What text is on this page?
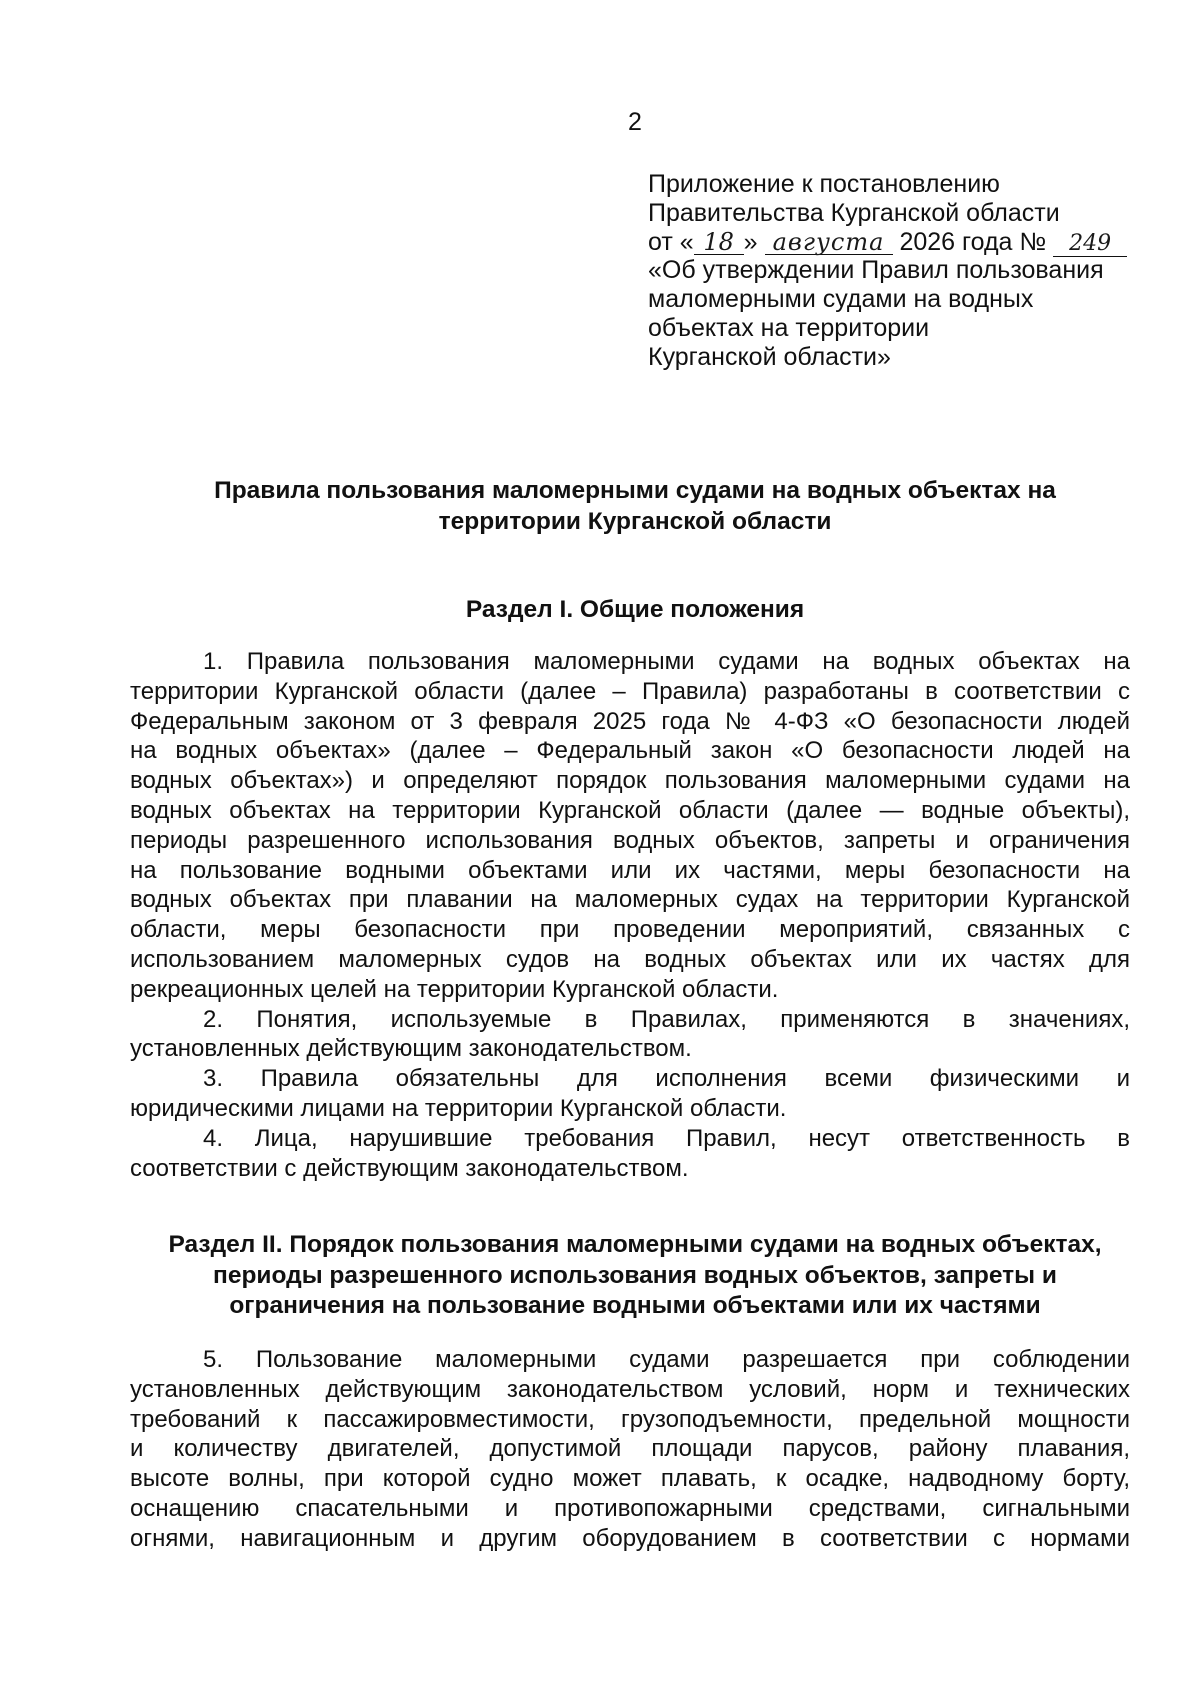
2
Приложение к постановлению
Правительства Курганской области
от « 18 » августа 2026 года № 249
«Об утверждении Правил пользования
маломерными судами на водных
объектах на территории
Курганской области»
Правила пользования маломерными судами на водных объектах на
территории Курганской области
Раздел I. Общие положения
1. Правила пользования маломерными судами на водных объектах на
территории Курганской области (далее – Правила) разработаны в соответствии с
Федеральным законом от 3 февраля 2025 года № 4-ФЗ «О безопасности людей
на водных объектах» (далее – Федеральный закон «О безопасности людей на
водных объектах») и определяют порядок пользования маломерными судами на
водных объектах на территории Курганской области (далее — водные объекты),
периоды разрешенного использования водных объектов, запреты и ограничения
на пользование водными объектами или их частями, меры безопасности на
водных объектах при плавании на маломерных судах на территории Курганской
области, меры безопасности при проведении мероприятий, связанных с
использованием маломерных судов на водных объектах или их частях для
рекреационных целей на территории Курганской области.
2. Понятия, используемые в Правилах, применяются в значениях,
установленных действующим законодательством.
3. Правила обязательны для исполнения всеми физическими и
юридическими лицами на территории Курганской области.
4. Лица, нарушившие требования Правил, несут ответственность в
соответствии с действующим законодательством.
Раздел II. Порядок пользования маломерными судами на водных объектах,
периоды разрешенного использования водных объектов, запреты и
ограничения на пользование водными объектами или их частями
5. Пользование маломерными судами разрешается при соблюдении
установленных действующим законодательством условий, норм и технических
требований к пассажировместимости, грузоподъемности, предельной мощности
и количеству двигателей, допустимой площади парусов, району плавания,
высоте волны, при которой судно может плавать, к осадке, надводному борту,
оснащению спасательными и противопожарными средствами, сигнальными
огнями, навигационным и другим оборудованием в соответствии с нормами
